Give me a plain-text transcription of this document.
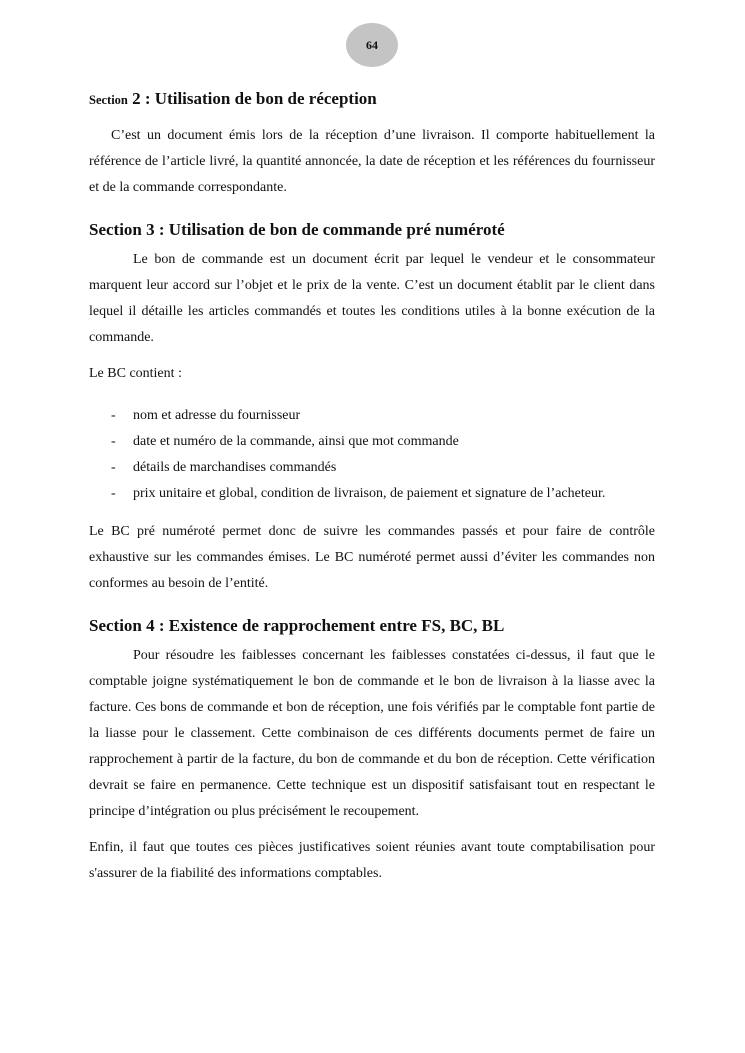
64
Section 2 : Utilisation de bon de réception

C’est un document émis lors de la réception d’une livraison. Il comporte habituellement la référence de l’article livré, la quantité annoncée, la date de réception et les références du fournisseur et de la commande correspondante.

Section 3 : Utilisation de bon de commande pré numéroté

Le bon de commande est un document écrit par lequel le vendeur et le consommateur marquent leur accord sur l’objet et le prix de la vente. C’est un document établit par le client dans lequel il détaille les articles commandés et toutes les conditions utiles à la bonne exécution de la commande.

Le BC contient :

- nom et adresse du fournisseur
- date et numéro de la commande, ainsi que mot commande
- détails de marchandises commandés
- prix unitaire et global, condition de livraison, de paiement et signature de l’acheteur.

Le BC pré numéroté permet donc de suivre les commandes passés et pour faire de contrôle exhaustive sur les commandes émises. Le BC numéroté permet aussi d’éviter les commandes non conformes au besoin de l’entité.

Section 4 : Existence de rapprochement entre FS, BC, BL

Pour résoudre les faiblesses concernant les faiblesses constatées ci-dessus, il faut que le comptable joigne systématiquement le bon de commande et le bon de livraison à la liasse avec la facture. Ces bons de commande et bon de réception, une fois vérifiés par le comptable font partie de la liasse pour le classement. Cette combinaison de ces différents documents permet de faire un rapprochement à partir de la facture, du bon de commande et du bon de réception. Cette vérification devrait se faire en permanence. Cette technique est un dispositif satisfaisant tout en respectant le principe d’intégration ou plus précisément le recoupement.

Enfin, il faut que toutes ces pièces justificatives soient réunies avant toute comptabilisation pour s'assurer de la fiabilité des informations comptables.
